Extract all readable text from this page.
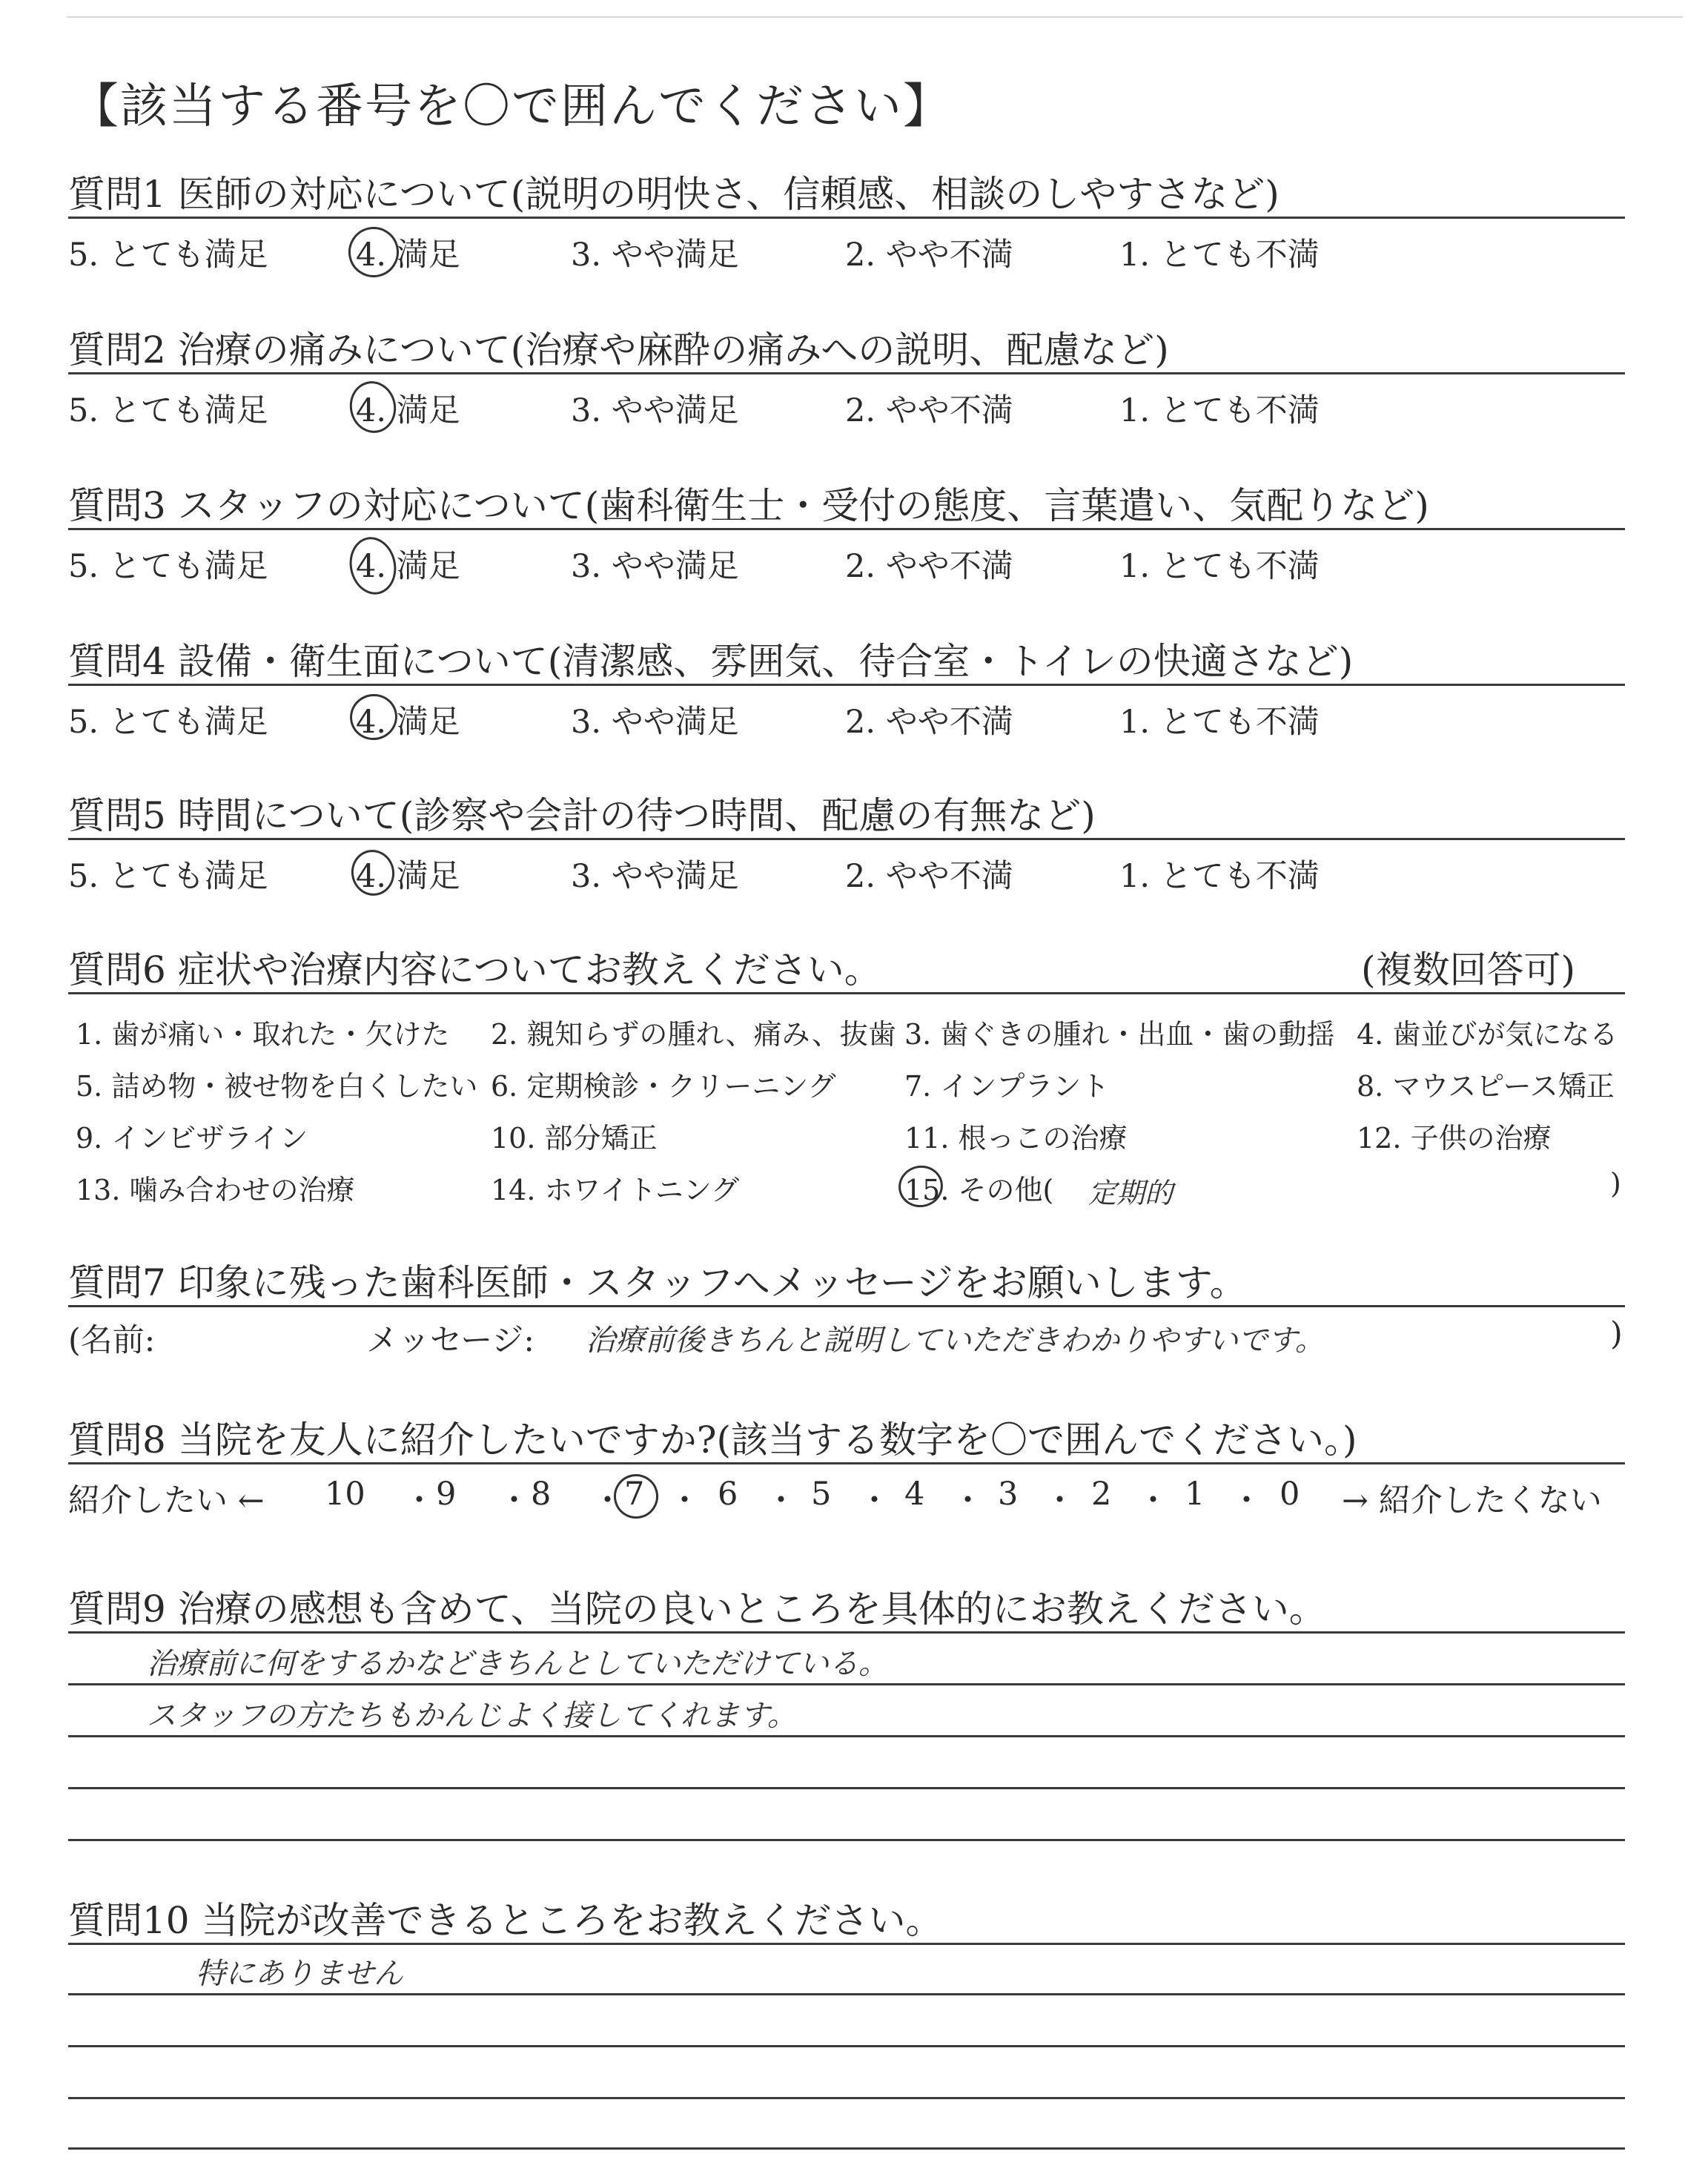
【該当する番号を〇で囲んでください】
質問1 医師の対応について(説明の明快さ、信頼感、相談のしやすさなど)
5. とても満足	4. 満足	3. やや満足	2. やや不満	1. とても不満
質問2 治療の痛みについて(治療や麻酔の痛みへの説明、配慮など)
5. とても満足	4. 満足	3. やや満足	2. やや不満	1. とても不満
質問3 スタッフの対応について(歯科衛生士・受付の態度、言葉遣い、気配りなど)
5. とても満足	4. 満足	3. やや満足	2. やや不満	1. とても不満
質問4 設備・衛生面について(清潔感、雰囲気、待合室・トイレの快適さなど)
5. とても満足	4. 満足	3. やや満足	2. やや不満	1. とても不満
質問5 時間について(診察や会計の待つ時間、配慮の有無など)
5. とても満足	4. 満足	3. やや満足	2. やや不満	1. とても不満
質問6 症状や治療内容についてお教えください。	(複数回答可)
1. 歯が痛い・取れた・欠けた 2. 親知らずの腫れ、痛み、抜歯 3. 歯ぐきの腫れ・出血・歯の動揺 4. 歯並びが気になる
5. 詰め物・被せ物を白くしたい 6. 定期検診・クリーニング 7. インプラント	8. マウスピース矯正
9. インビザライン	10. 部分矯正	11. 根っこの治療	12. 子供の治療
13. 噛み合わせの治療	14. ホワイトニング	15. その他( 定期的	)
質問7 印象に残った歯科医師・スタッフへメッセージをお願いします。
(名前:	メッセージ: 治療前後きちんと説明していただきわかりやすいです。	)
質問8 当院を友人に紹介したいですか?(該当する数字を〇で囲んでください。)
紹介したい ← 10 ・ 9 ・ 8 ・ 7 ・ 6 ・ 5 ・ 4 ・ 3 ・ 2 ・ 1 ・ 0 → 紹介したくない
質問9 治療の感想も含めて、当院の良いところを具体的にお教えください。
治療前に何をするかなどきちんとしていただけている。
スタッフの方たちもかんじよく接してくれます。
質問10 当院が改善できるところをお教えください。
特にありません
